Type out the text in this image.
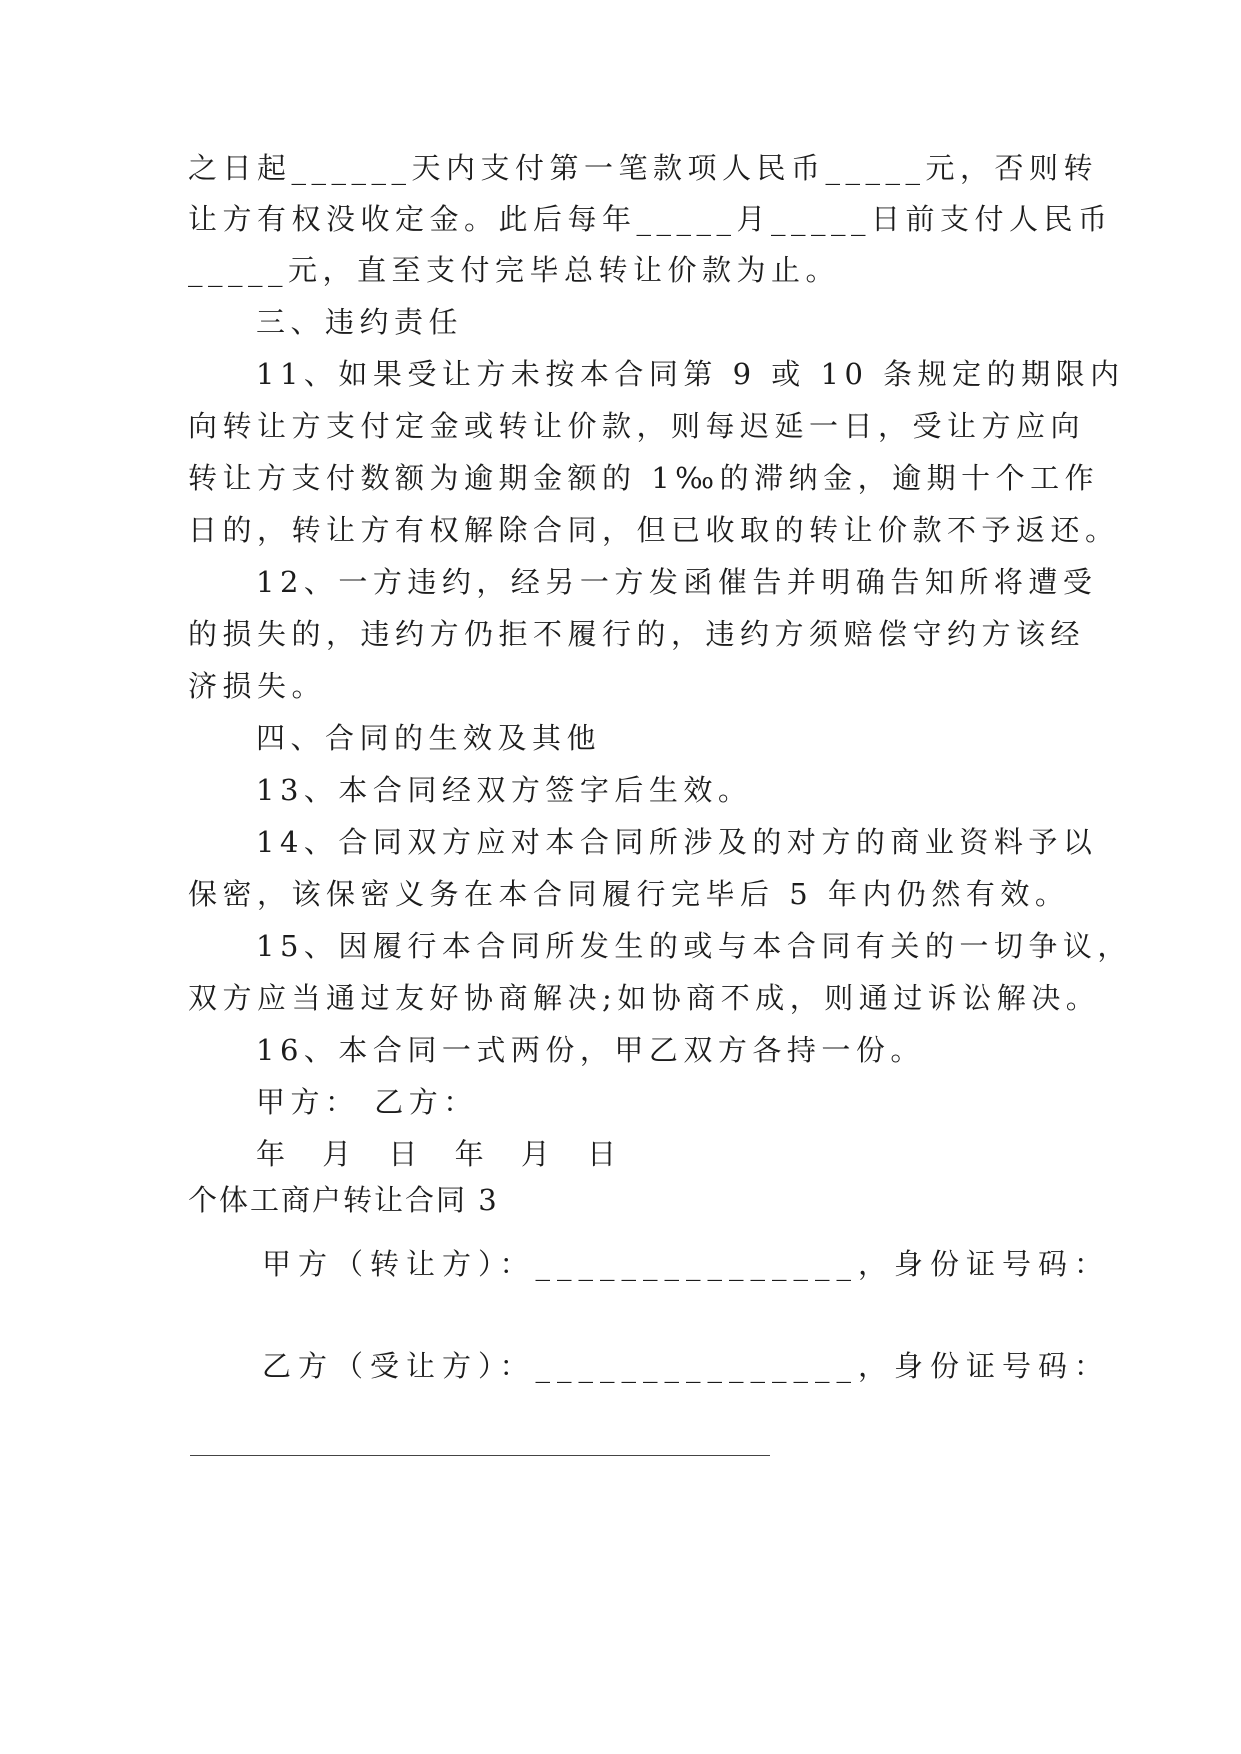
之日起______天内支付第一笔款项人民币_____元，否则转
让方有权没收定金。此后每年_____月_____日前支付人民币
_____元，直至支付完毕总转让价款为止。
三、违约责任
11、如果受让方未按本合同第 9 或 10 条规定的期限内
向转让方支付定金或转让价款，则每迟延一日，受让方应向
转让方支付数额为逾期金额的 1‰的滞纳金，逾期十个工作
日的，转让方有权解除合同，但已收取的转让价款不予返还。
12、一方违约，经另一方发函催告并明确告知所将遭受
的损失的，违约方仍拒不履行的，违约方须赔偿守约方该经
济损失。
四、合同的生效及其他
13、本合同经双方签字后生效。
14、合同双方应对本合同所涉及的对方的商业资料予以
保密，该保密义务在本合同履行完毕后 5 年内仍然有效。
15、因履行本合同所发生的或与本合同有关的一切争议，
双方应当通过友好协商解决;如协商不成，则通过诉讼解决。
16、本合同一式两份，甲乙双方各持一份。
甲方： 乙方：
年 月 日 年 月 日
个体工商户转让合同 3
甲方（转让方）：_______________，身份证号码：
乙方（受让方）：_______________，身份证号码：
